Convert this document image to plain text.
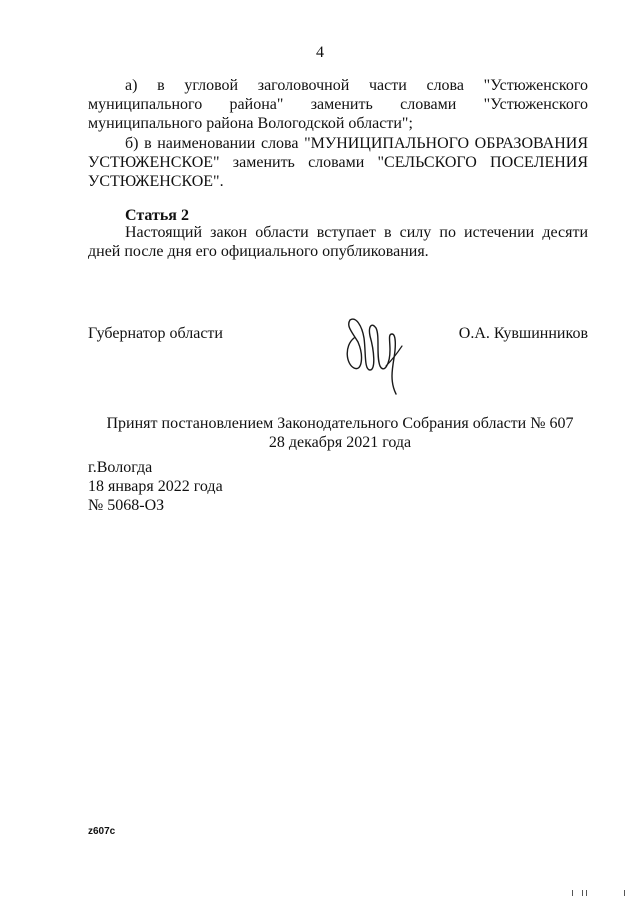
4
а) в угловой заголовочной части слова "Устюженского муниципального района" заменить словами "Устюженского муниципального района Вологодской области";
б) в наименовании слова "МУНИЦИПАЛЬНОГО ОБРАЗОВАНИЯ УСТЮЖЕНСКОЕ" заменить словами "СЕЛЬСКОГО ПОСЕЛЕНИЯ УСТЮЖЕНСКОЕ".
Статья 2
Настоящий закон области вступает в силу по истечении десяти дней после дня его официального опубликования.
Губернатор области	О.А. Кувшинников
Принят постановлением Законодательного Собрания области № 607
28 декабря 2021 года
г.Вологда
18 января 2022 года
№ 5068-ОЗ
z607c
